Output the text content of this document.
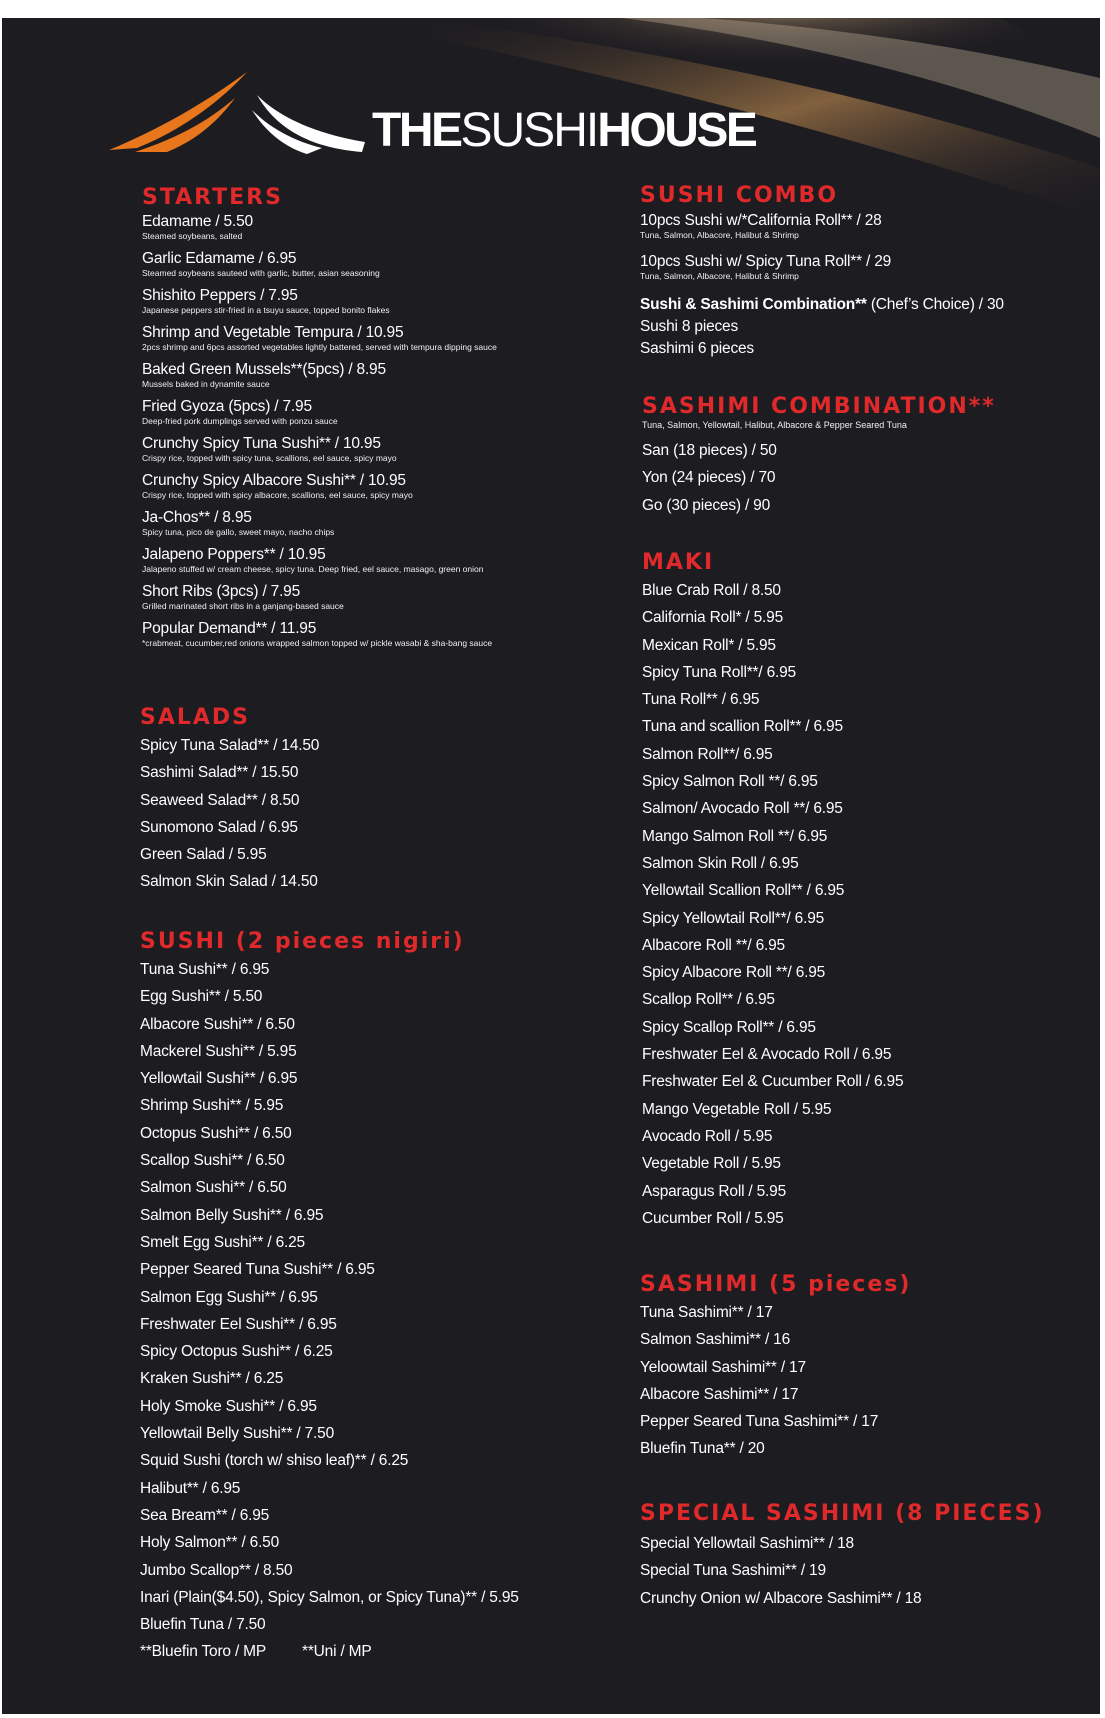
THESUSHIHOUSE
STARTERS
Edamame / 5.50
Steamed soybeans, salted
Garlic Edamame / 6.95
Steamed soybeans sauteed with garlic, butter, asian seasoning
Shishito Peppers / 7.95
Japanese peppers stir-fried in a tsuyu sauce, topped bonito flakes
Shrimp and Vegetable Tempura / 10.95
2pcs shrimp and 6pcs assorted vegetables lightly battered, served with tempura dipping sauce
Baked Green Mussels**(5pcs) / 8.95
Mussels baked in dynamite sauce
Fried Gyoza (5pcs) / 7.95
Deep-fried pork dumplings served with ponzu sauce
Crunchy Spicy Tuna Sushi** / 10.95
Crispy rice, topped with spicy tuna, scallions, eel sauce, spicy mayo
Crunchy Spicy Albacore Sushi** / 10.95
Crispy rice, topped with spicy albacore, scallions, eel sauce, spicy mayo
Ja-Chos** / 8.95
Spicy tuna, pico de gallo, sweet mayo, nacho chips
Jalapeno Poppers** / 10.95
Jalapeno stuffed w/ cream cheese, spicy tuna. Deep fried, eel sauce, masago, green onion
Short Ribs (3pcs) / 7.95
Grilled marinated short ribs in a ganjang-based sauce
Popular Demand** / 11.95
*crabmeat, cucumber,red onions wrapped salmon topped w/ pickle wasabi & sha-bang sauce
SALADS
Spicy Tuna Salad** / 14.50
Sashimi Salad** / 15.50
Seaweed Salad** / 8.50
Sunomono Salad / 6.95
Green Salad / 5.95
Salmon Skin Salad / 14.50
SUSHI (2 pieces nigiri)
Tuna Sushi** / 6.95
Egg Sushi** / 5.50
Albacore Sushi** / 6.50
Mackerel Sushi** / 5.95
Yellowtail Sushi** / 6.95
Shrimp Sushi** / 5.95
Octopus Sushi** / 6.50
Scallop Sushi** / 6.50
Salmon Sushi** / 6.50
Salmon Belly Sushi** / 6.95
Smelt Egg Sushi** / 6.25
Pepper Seared Tuna Sushi** / 6.95
Salmon Egg Sushi** / 6.95
Freshwater Eel Sushi** / 6.95
Spicy Octopus Sushi** / 6.25
Kraken Sushi** / 6.25
Holy Smoke Sushi** / 6.95
Yellowtail Belly Sushi** / 7.50
Squid Sushi (torch w/ shiso leaf)** / 6.25
Halibut** / 6.95
Sea Bream** / 6.95
Holy Salmon** / 6.50
Jumbo Scallop** / 8.50
Inari (Plain($4.50), Spicy Salmon, or Spicy Tuna)** / 5.95
Bluefin Tuna / 7.50
**Bluefin Toro / MP **Uni / MP
SUSHI COMBO
10pcs Sushi w/*California Roll** / 28
Tuna, Salmon, Albacore, Halibut & Shrimp
10pcs Sushi w/ Spicy Tuna Roll** / 29
Tuna, Salmon, Albacore, Halibut & Shrimp
Sushi & Sashimi Combination** (Chef’s Choice) / 30
Sushi 8 pieces
Sashimi 6 pieces
SASHIMI COMBINATION**
Tuna, Salmon, Yellowtail, Halibut, Albacore & Pepper Seared Tuna
San (18 pieces) / 50
Yon (24 pieces) / 70
Go (30 pieces) / 90
MAKI
Blue Crab Roll / 8.50
California Roll* / 5.95
Mexican Roll* / 5.95
Spicy Tuna Roll**/ 6.95
Tuna Roll** / 6.95
Tuna and scallion Roll** / 6.95
Salmon Roll**/ 6.95
Spicy Salmon Roll **/ 6.95
Salmon/ Avocado Roll **/ 6.95
Mango Salmon Roll **/ 6.95
Salmon Skin Roll / 6.95
Yellowtail Scallion Roll** / 6.95
Spicy Yellowtail Roll**/ 6.95
Albacore Roll **/ 6.95
Spicy Albacore Roll **/ 6.95
Scallop Roll** / 6.95
Spicy Scallop Roll** / 6.95
Freshwater Eel & Avocado Roll / 6.95
Freshwater Eel & Cucumber Roll / 6.95
Mango Vegetable Roll / 5.95
Avocado Roll / 5.95
Vegetable Roll / 5.95
Asparagus Roll / 5.95
Cucumber Roll / 5.95
SASHIMI (5 pieces)
Tuna Sashimi** / 17
Salmon Sashimi** / 16
Yeloowtail Sashimi** / 17
Albacore Sashimi** / 17
Pepper Seared Tuna Sashimi** / 17
Bluefin Tuna** / 20
SPECIAL SASHIMI (8 PIECES)
Special Yellowtail Sashimi** / 18
Special Tuna Sashimi** / 19
Crunchy Onion w/ Albacore Sashimi** / 18
